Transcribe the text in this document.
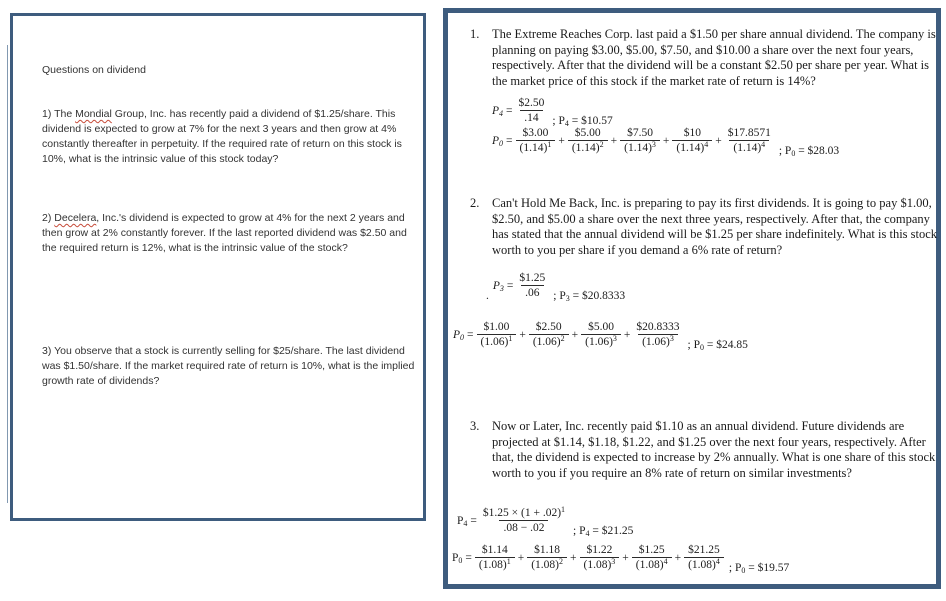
Questions on dividend
1) The Mondial Group, Inc. has recently paid a dividend of $1.25/share. This dividend is expected to grow at 7% for the next 3 years and then grow at 4% constantly thereafter in perpetuity. If the required rate of return on this stock is 10%, what is the intrinsic value of this stock today?
2) Decelera, Inc.'s dividend is expected to grow at 4% for the next 2 years and then grow at 2% constantly forever. If the last reported dividend was $2.50 and the required return is 12%, what is the intrinsic value of the stock?
3) You observe that a stock is currently selling for $25/share. The last dividend was $1.50/share. If the market required rate of return is 10%, what is the implied growth rate of dividends?
1.	The Extreme Reaches Corp. last paid a $1.50 per share annual dividend. The company is planning on paying $3.00, $5.00, $7.50, and $10.00 a share over the next four years, respectively. After that the dividend will be a constant $2.50 per share per year. What is the market price of this stock if the market rate of return is 14%?
$P_4 = \frac{\$2.50}{.14}$ ; $P_4$ = $10.57
$P_0 = \frac{\$3.00}{(1.14)^1} + \frac{\$5.00}{(1.14)^2} + \frac{\$7.50}{(1.14)^3} + \frac{\$10}{(1.14)^4} + \frac{\$17.8571}{(1.14)^4}$ ; $P_0$ = $28.03
2.	Can't Hold Me Back, Inc. is preparing to pay its first dividends. It is going to pay $1.00, $2.50, and $5.00 a share over the next three years, respectively. After that, the company has stated that the annual dividend will be $1.25 per share indefinitely. What is this stock worth to you per share if you demand a 6% rate of return?
.
$P_3 = \frac{\$1.25}{.06}$ ; $P_3$ = $20.8333
$P_0 = \frac{\$1.00}{(1.06)^1} + \frac{\$2.50}{(1.06)^2} + \frac{\$5.00}{(1.06)^3} + \frac{\$20.8333}{(1.06)^3}$ ; $P_0$ = $24.85
3.	Now or Later, Inc. recently paid $1.10 as an annual dividend. Future dividends are projected at $1.14, $1.18, $1.22, and $1.25 over the next four years, respectively. After that, the dividend is expected to increase by 2% annually. What is one share of this stock worth to you if you require an 8% rate of return on similar investments?
$P_4 = \frac{\$1.25 \times (1 + .02)^1}{.08 - .02}$ ; $P_4$ = $21.25
$P_0 = \frac{\$1.14}{(1.08)^1} + \frac{\$1.18}{(1.08)^2} + \frac{\$1.22}{(1.08)^3} + \frac{\$1.25}{(1.08)^4} + \frac{\$21.25}{(1.08)^4}$ ; $P_0$ = $19.57
